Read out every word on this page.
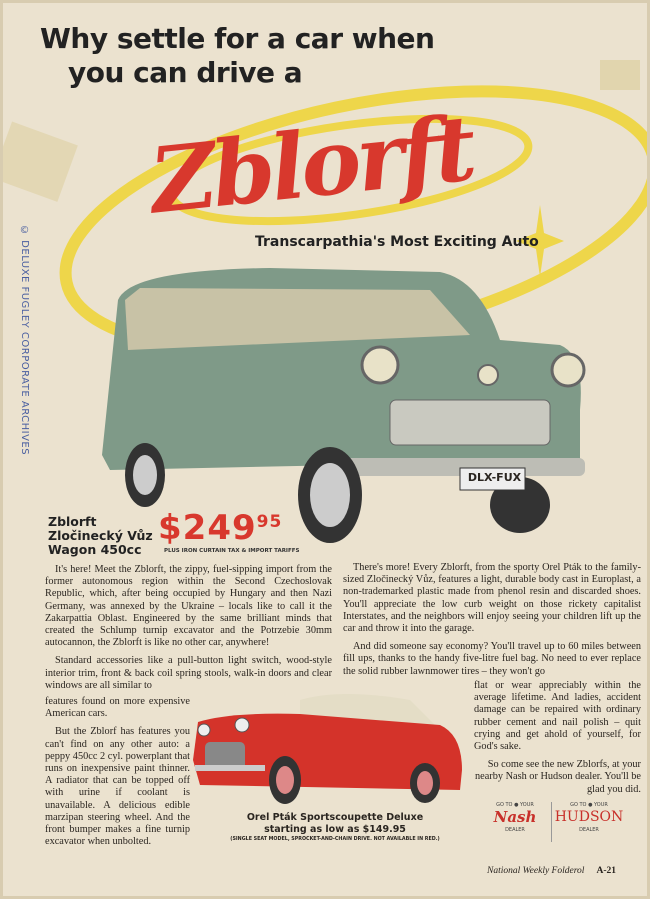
Why settle for a car when
you can drive a
Zblorft
Transcarpathia's Most Exciting Auto
© DELUXE FUGLEY CORPORATE ARCHIVES
DLX-FUX
Zblorft
Zločinecký Vůz
Wagon 450cc
$\$249^{95}$
PLUS IRON CURTAIN TAX & IMPORT TARIFFS

It's here! Meet the Zblorft, the zippy, fuel-sipping import from the former autonomous region within the Second Czechoslovak Republic, which, after being occupied by Hungary and then Nazi Germany, was annexed by the Ukraine – locals like to call it the Zakarpattia Oblast. Engineered by the same brilliant minds that created the Schlump turnip excavator and the Potrzebie 30mm autocannon, the Zblorft is like no other car, anywhere!

Standard accessories like a pull-button light switch, wood-style interior trim, front & back coil spring stools, walk-in doors and clear windows are all similar to

features found on more expensive American cars.

But the Zblorf has features you can't find on any other auto: a peppy 450cc 2 cyl. powerplant that runs on inexpensive paint thinner. A radiator that can be topped off with urine if coolant is unavailable. A delicious edible marzipan steering wheel. And the front bumper makes a fine turnip excavator when unbolted.

There's more! Every Zblorft, from the sporty Orel Pták to the family-sized Zločinecký Vůz, features a light, durable body cast in Europlast, a non-trademarked plastic made from phenol resin and discarded shoes. You'll appreciate the low curb weight on those rickety capitalist Interstates, and the neighbors will enjoy seeing your children lift up the car and throw it into the garage.

And did someone say economy? You'll travel up to 60 miles between fill ups, thanks to the handy five-litre fuel bag. No need to ever replace the solid rubber lawnmower tires – they won't go

flat or wear appreciably within the average lifetime. And ladies, accident damage can be repaired with ordinary rubber cement and nail polish – quit crying and get ahold of yourself, for God's sake.

So come see the new Zblorfs, at your nearby Nash or Hudson dealer. You'll be glad you did.

Orel Pták Sportscoupette Deluxe
starting as low as $149.95
(SINGLE SEAT MODEL, SPROCKET-AND-CHAIN DRIVE. NOT AVAILABLE IN RED.)
GO TO ● YOUR
Nash
DEALER
GO TO ● YOUR
HUDSON
DEALER
National Weekly Folderol A-21
